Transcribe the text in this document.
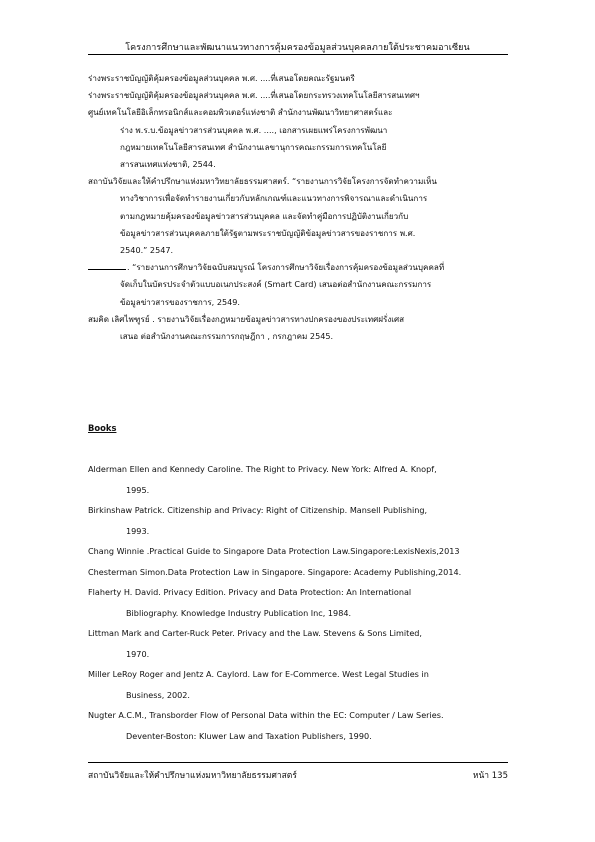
โครงการศึกษาและพัฒนาแนวทางการคุ้มครองข้อมูลส่วนบุคคลภายใต้ประชาคมอาเซียน
ร่างพระราชบัญญัติคุ้มครองข้อมูลส่วนบุคคล พ.ศ. ....ที่เสนอโดยคณะรัฐมนตรี
ร่างพระราชบัญญัติคุ้มครองข้อมูลส่วนบุคคล พ.ศ. ....ที่เสนอโดยกระทรวงเทคโนโลยีสารสนเทศฯ
ศูนย์เทคโนโลยีอิเล็กทรอนิกส์และคอมพิวเตอร์แห่งชาติ สำนักงานพัฒนาวิทยาศาสตร์และ
ร่าง พ.ร.บ.ข้อมูลข่าวสารส่วนบุคคล พ.ศ. ...., เอกสารเผยแพร่โครงการพัฒนา
กฎหมายเทคโนโลยีสารสนเทศ สำนักงานเลขานุการคณะกรรมการเทคโนโลยี
สารสนเทศแห่งชาติ, 2544.
สถาบันวิจัยและให้คำปรึกษาแห่งมหาวิทยาลัยธรรมศาสตร์. “รายงานการวิจัยโครงการจัดทำความเห็น
ทางวิชาการเพื่อจัดทำรายงานเกี่ยวกับหลักเกณฑ์และแนวทางการพิจารณาและดำเนินการ
ตามกฎหมายคุ้มครองข้อมูลข่าวสารส่วนบุคคล และจัดทำคู่มือการปฏิบัติงานเกี่ยวกับ
ข้อมูลข่าวสารส่วนบุคคลภายใต้รัฐตามพระราชบัญญัติข้อมูลข่าวสารของราชการ พ.ศ.
2540.” 2547.
. “รายงานการศึกษาวิจัยฉบับสมบูรณ์ โครงการศึกษาวิจัยเรื่องการคุ้มครองข้อมูลส่วนบุคคลที่
จัดเก็บในบัตรประจำตัวแบบอเนกประสงค์ (Smart Card) เสนอต่อสำนักงานคณะกรรมการ
ข้อมูลข่าวสารของราชการ, 2549.
สมคิด เลิศไพฑูรย์ . รายงานวิจัยเรื่องกฎหมายข้อมูลข่าวสารทางปกครองของประเทศฝรั่งเศส
เสนอ ต่อสำนักงานคณะกรรมการกฤษฎีกา , กรกฎาคม 2545.
Books
Alderman Ellen and Kennedy Caroline. The Right to Privacy. New York: Alfred A. Knopf,
1995.
Birkinshaw Patrick. Citizenship and Privacy: Right of Citizenship. Mansell Publishing,
1993.
Chang Winnie .Practical Guide to Singapore Data Protection Law.Singapore:LexisNexis,2013
Chesterman Simon.Data Protection Law in Singapore. Singapore: Academy Publishing,2014.
Flaherty H. David. Privacy Edition. Privacy and Data Protection: An International
Bibliography. Knowledge Industry Publication Inc, 1984.
Littman Mark and Carter-Ruck Peter. Privacy and the Law. Stevens & Sons Limited,
1970.
Miller LeRoy Roger and Jentz A. Caylord. Law for E-Commerce. West Legal Studies in
Business, 2002.
Nugter A.C.M., Transborder Flow of Personal Data within the EC: Computer / Law Series.
Deventer-Boston: Kluwer Law and Taxation Publishers, 1990.
สถาบันวิจัยและให้คำปรึกษาแห่งมหาวิทยาลัยธรรมศาสตร์	หน้า 135
